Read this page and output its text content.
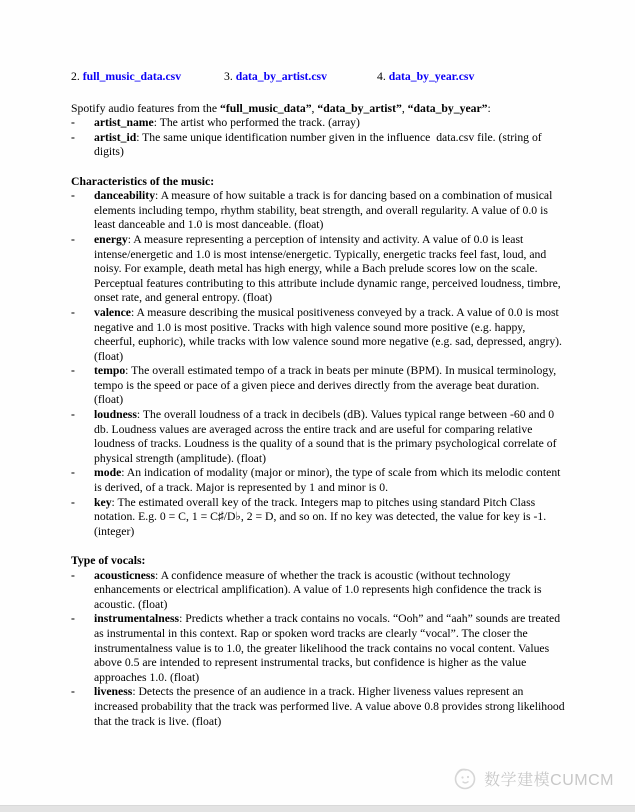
2. full_music_data.csv	3. data_by_artist.csv	4. data_by_year.csv

Spotify audio features from the “full_music_data”, “data_by_artist”, “data_by_year”:

-	artist_name: The artist who performed the track. (array)
-	artist_id: The same unique identification number given in the influence  data.csv file. (string of digits)

Characteristics of the music:

-	danceability: A measure of how suitable a track is for dancing based on a combination of musical elements including tempo, rhythm stability, beat strength, and overall regularity. A value of 0.0 is least danceable and 1.0 is most danceable. (float)
-	energy: A measure representing a perception of intensity and activity. A value of 0.0 is least intense/energetic and 1.0 is most intense/energetic. Typically, energetic tracks feel fast, loud, and noisy. For example, death metal has high energy, while a Bach prelude scores low on the scale. Perceptual features contributing to this attribute include dynamic range, perceived loudness, timbre, onset rate, and general entropy. (float)
-	valence: A measure describing the musical positiveness conveyed by a track. A value of 0.0 is most negative and 1.0 is most positive. Tracks with high valence sound more positive (e.g. happy, cheerful, euphoric), while tracks with low valence sound more negative (e.g. sad, depressed, angry). (float)
-	tempo: The overall estimated tempo of a track in beats per minute (BPM). In musical terminology, tempo is the speed or pace of a given piece and derives directly from the average beat duration. (float)
-	loudness: The overall loudness of a track in decibels (dB). Values typical range between -60 and 0 db. Loudness values are averaged across the entire track and are useful for comparing relative loudness of tracks. Loudness is the quality of a sound that is the primary psychological correlate of physical strength (amplitude). (float)
-	mode: An indication of modality (major or minor), the type of scale from which its melodic content is derived, of a track. Major is represented by 1 and minor is 0.
-	key: The estimated overall key of the track. Integers map to pitches using standard Pitch Class notation. E.g. 0 = C, 1 = C♯/D♭, 2 = D, and so on. If no key was detected, the value for key is -1. (integer)

Type of vocals:

-	acousticness: A confidence measure of whether the track is acoustic (without technology enhancements or electrical amplification). A value of 1.0 represents high confidence the track is acoustic. (float)
-	instrumentalness: Predicts whether a track contains no vocals. “Ooh” and “aah” sounds are treated as instrumental in this context. Rap or spoken word tracks are clearly “vocal”. The closer the instrumentalness value is to 1.0, the greater likelihood the track contains no vocal content. Values above 0.5 are intended to represent instrumental tracks, but confidence is higher as the value approaches 1.0. (float)
-	liveness: Detects the presence of an audience in a track. Higher liveness values represent an increased probability that the track was performed live. A value above 0.8 provides strong likelihood that the track is live. (float)
数学建模CUMCM
